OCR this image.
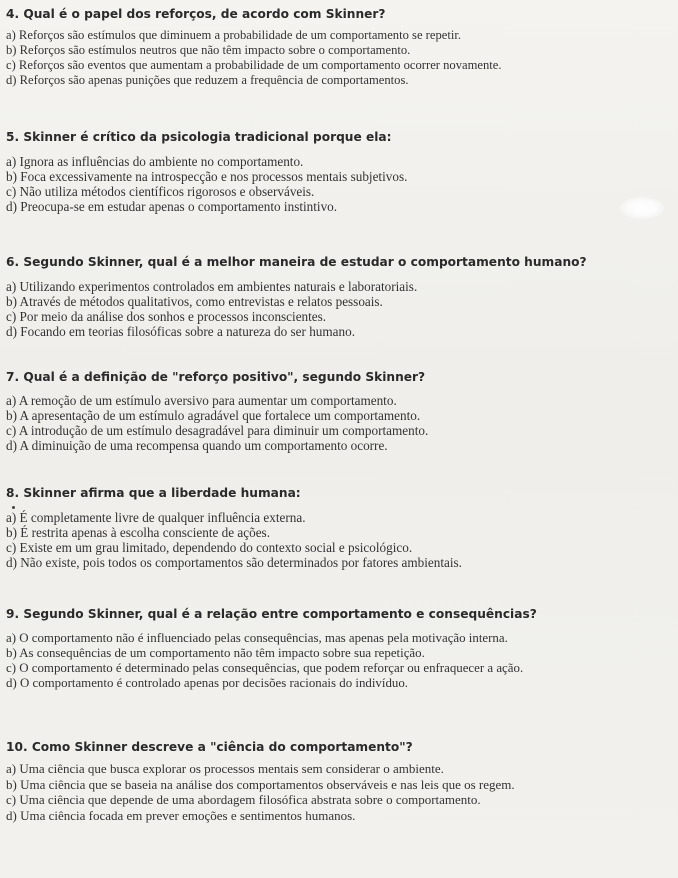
4. Qual é o papel dos reforços, de acordo com Skinner?
a) Reforços são estímulos que diminuem a probabilidade de um comportamento se repetir.
b) Reforços são estímulos neutros que não têm impacto sobre o comportamento.
c) Reforços são eventos que aumentam a probabilidade de um comportamento ocorrer novamente.
d) Reforços são apenas punições que reduzem a frequência de comportamentos.
5. Skinner é crítico da psicologia tradicional porque ela:
a) Ignora as influências do ambiente no comportamento.
b) Foca excessivamente na introspecção e nos processos mentais subjetivos.
c) Não utiliza métodos científicos rigorosos e observáveis.
d) Preocupa-se em estudar apenas o comportamento instintivo.
6. Segundo Skinner, qual é a melhor maneira de estudar o comportamento humano?
a) Utilizando experimentos controlados em ambientes naturais e laboratoriais.
b) Através de métodos qualitativos, como entrevistas e relatos pessoais.
c) Por meio da análise dos sonhos e processos inconscientes.
d) Focando em teorias filosóficas sobre a natureza do ser humano.
7. Qual é a definição de "reforço positivo", segundo Skinner?
a) A remoção de um estímulo aversivo para aumentar um comportamento.
b) A apresentação de um estímulo agradável que fortalece um comportamento.
c) A introdução de um estímulo desagradável para diminuir um comportamento.
d) A diminuição de uma recompensa quando um comportamento ocorre.
8. Skinner afirma que a liberdade humana:
a) É completamente livre de qualquer influência externa.
b) É restrita apenas à escolha consciente de ações.
c) Existe em um grau limitado, dependendo do contexto social e psicológico.
d) Não existe, pois todos os comportamentos são determinados por fatores ambientais.
9. Segundo Skinner, qual é a relação entre comportamento e consequências?
a) O comportamento não é influenciado pelas consequências, mas apenas pela motivação interna.
b) As consequências de um comportamento não têm impacto sobre sua repetição.
c) O comportamento é determinado pelas consequências, que podem reforçar ou enfraquecer a ação.
d) O comportamento é controlado apenas por decisões racionais do indivíduo.
10. Como Skinner descreve a "ciência do comportamento"?
a) Uma ciência que busca explorar os processos mentais sem considerar o ambiente.
b) Uma ciência que se baseia na análise dos comportamentos observáveis e nas leis que os regem.
c) Uma ciência que depende de uma abordagem filosófica abstrata sobre o comportamento.
d) Uma ciência focada em prever emoções e sentimentos humanos.
